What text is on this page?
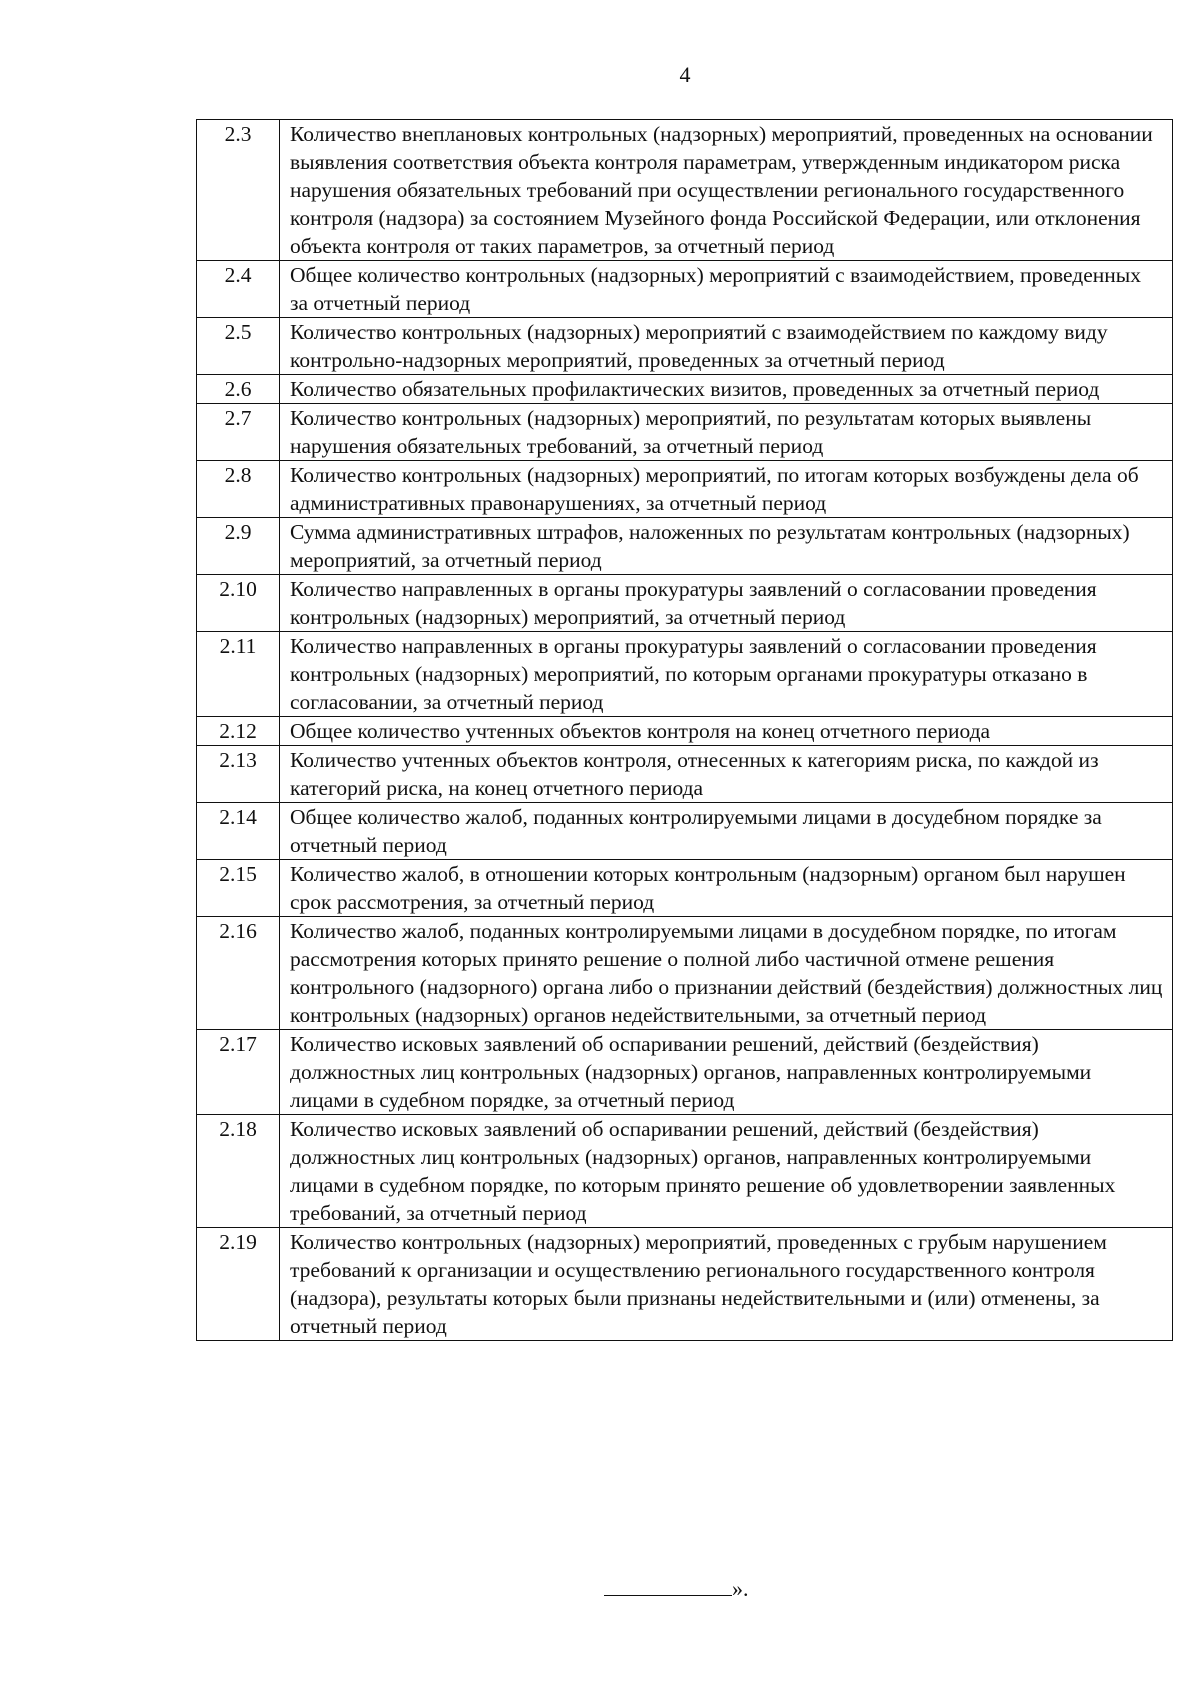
4
2.3	Количество внеплановых контрольных (надзорных) мероприятий, проведенных на основании выявления соответствия объекта контроля параметрам, утвержденным индикатором риска нарушения обязательных требований при осуществлении регионального государственного контроля (надзора) за состоянием Музейного фонда Российской Федерации, или отклонения объекта контроля от таких параметров, за отчетный период
2.4	Общее количество контрольных (надзорных) мероприятий с взаимодействием, проведенных за отчетный период
2.5	Количество контрольных (надзорных) мероприятий с взаимодействием по каждому виду контрольно-надзорных мероприятий, проведенных за отчетный период
2.6	Количество обязательных профилактических визитов, проведенных за отчетный период
2.7	Количество контрольных (надзорных) мероприятий, по результатам которых выявлены нарушения обязательных требований, за отчетный период
2.8	Количество контрольных (надзорных) мероприятий, по итогам которых возбуждены дела об административных правонарушениях, за отчетный период
2.9	Сумма административных штрафов, наложенных по результатам контрольных (надзорных) мероприятий, за отчетный период
2.10	Количество направленных в органы прокуратуры заявлений о согласовании проведения контрольных (надзорных) мероприятий, за отчетный период
2.11	Количество направленных в органы прокуратуры заявлений о согласовании проведения контрольных (надзорных) мероприятий, по которым органами прокуратуры отказано в согласовании, за отчетный период
2.12	Общее количество учтенных объектов контроля на конец отчетного периода
2.13	Количество учтенных объектов контроля, отнесенных к категориям риска, по каждой из категорий риска, на конец отчетного периода
2.14	Общее количество жалоб, поданных контролируемыми лицами в досудебном порядке за отчетный период
2.15	Количество жалоб, в отношении которых контрольным (надзорным) органом был нарушен срок рассмотрения, за отчетный период
2.16	Количество жалоб, поданных контролируемыми лицами в досудебном порядке, по итогам рассмотрения которых принято решение о полной либо частичной отмене решения контрольного (надзорного) органа либо о признании действий (бездействия) должностных лиц контрольных (надзорных) органов недействительными, за отчетный период
2.17	Количество исковых заявлений об оспаривании решений, действий (бездействия) должностных лиц контрольных (надзорных) органов, направленных контролируемыми лицами в судебном порядке, за отчетный период
2.18	Количество исковых заявлений об оспаривании решений, действий (бездействия) должностных лиц контрольных (надзорных) органов, направленных контролируемыми лицами в судебном порядке, по которым принято решение об удовлетворении заявленных требований, за отчетный период
2.19	Количество контрольных (надзорных) мероприятий, проведенных с грубым нарушением требований к организации и осуществлению регионального государственного контроля (надзора), результаты которых были признаны недействительными и (или) отменены, за отчетный период
».
